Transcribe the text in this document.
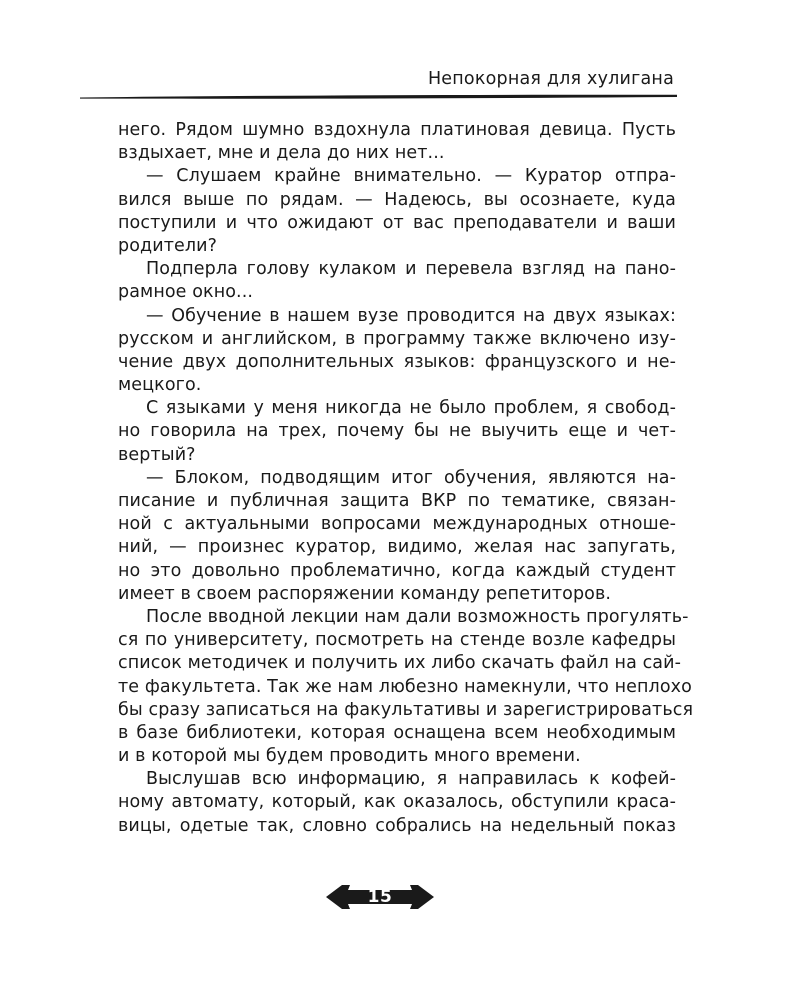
Непокорная для хулигана
него. Рядом шумно вздохнула платиновая девица. Пусть
вздыхает, мне и дела до них нет...
— Слушаем крайне внимательно. — Куратор отпра-
вился выше по рядам. — Надеюсь, вы осознаете, куда
поступили и что ожидают от вас преподаватели и ваши
родители?
Подперла голову кулаком и перевела взгляд на пано-
рамное окно...
— Обучение в нашем вузе проводится на двух языках:
русском и английском, в программу также включено изу-
чение двух дополнительных языков: французского и не-
мецкого.
С языками у меня никогда не было проблем, я свобод-
но говорила на трех, почему бы не выучить еще и чет-
вертый?
— Блоком, подводящим итог обучения, являются на-
писание и публичная защита ВКР по тематике, связан-
ной с актуальными вопросами международных отноше-
ний, — произнес куратор, видимо, желая нас запугать,
но это довольно проблематично, когда каждый студент
имеет в своем распоряжении команду репетиторов.
После вводной лекции нам дали возможность прогулять-
ся по университету, посмотреть на стенде возле кафедры
список методичек и получить их либо скачать файл на сай-
те факультета. Так же нам любезно намекнули, что неплохо
бы сразу записаться на факультативы и зарегистрироваться
в базе библиотеки, которая оснащена всем необходимым
и в которой мы будем проводить много времени.
Выслушав всю информацию, я направилась к кофей-
ному автомату, который, как оказалось, обступили краса-
вицы, одетые так, словно собрались на недельный показ
15
